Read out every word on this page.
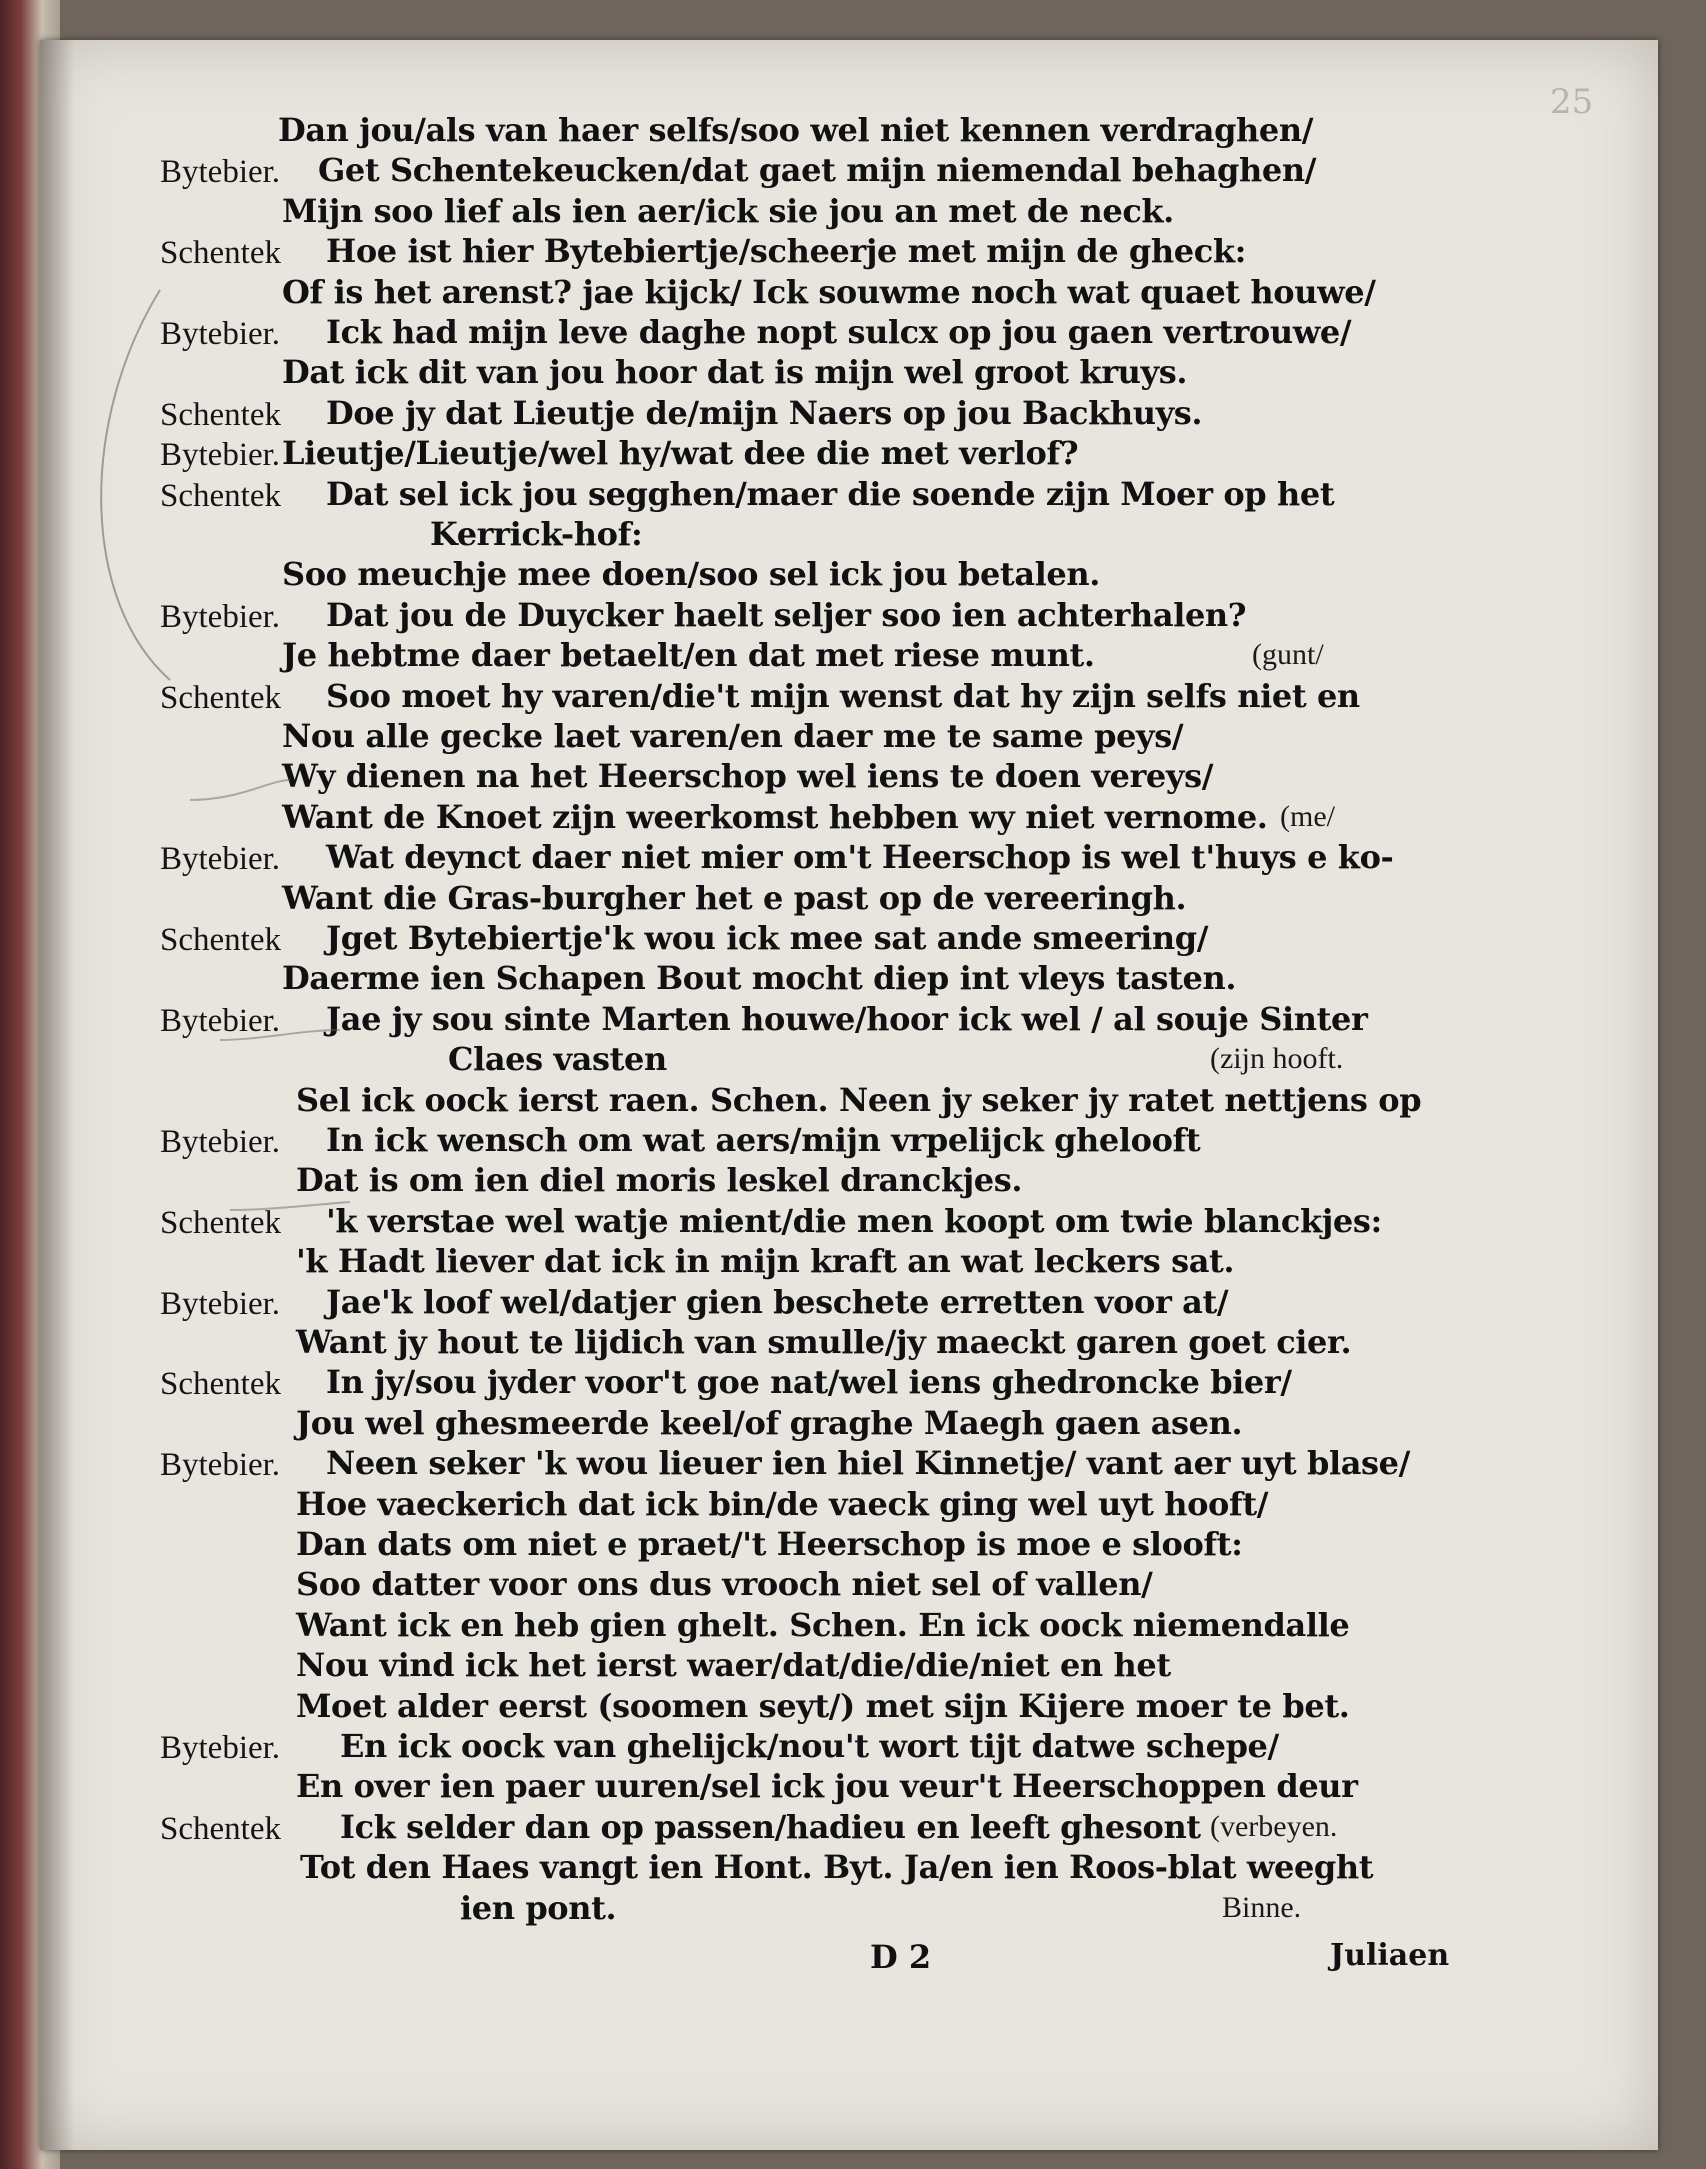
25
Dan jou/als van haer selfs/soo wel niet kennen verdraghen/
Bytebier. Get Schentekeucken/dat gaet mijn niemendal behaghen/
Mijn soo lief als ien aer/ick sie jou an met de neck.
Schentek Hoe ist hier Bytebiertje/scheerje met mijn de gheck:
Of is het arenst? jae kijck/ Ick souwme noch wat quaet houwe/
Bytebier. Ick had mijn leve daghe nopt sulcx op jou gaen vertrouwe/
Dat ick dit van jou hoor dat is mijn wel groot kruys.
Schentek Doe jy dat Lieutje de/mijn Naers op jou Backhuys.
Bytebier. Lieutje/Lieutje/wel hy/wat dee die met verlof?
Schentek Dat sel ick jou segghen/maer die soende zijn Moer op het
Kerrick-hof:
Soo meuchje mee doen/soo sel ick jou betalen.
Bytebier. Dat jou de Duycker haelt seljer soo ien achterhalen?
Je hebtme daer betaelt/en dat met riese munt.	(gunt/
Schentek Soo moet hy varen/die't mijn wenst dat hy zijn selfs niet en
Nou alle gecke laet varen/en daer me te same peys/
Wy dienen na het Heerschop wel iens te doen vereys/
Want de Knoet zijn weerkomst hebben wy niet vernome. (me/
Bytebier. Wat deynct daer niet mier om't Heerschop is wel t'huys e ko-
Want die Gras-burgher het e past op de vereeringh.
Schentek Jget Bytebiertje'k wou ick mee sat ande smeering/
Daerme ien Schapen Bout mocht diep int vleys tasten.
Bytebier. Jae jy sou sinte Marten houwe/hoor ick wel / al souje Sinter
Claes vasten	(zijn hooft.
Sel ick oock ierst raen. Schen. Neen jy seker jy ratet nettjens op
Bytebier. In ick wensch om wat aers/mijn vrpelijck ghelooft
Dat is om ien diel moris leskel dranckjes.
Schentek 'k verstae wel watje mient/die men koopt om twie blanckjes:
'k Hadt liever dat ick in mijn kraft an wat leckers sat.
Bytebier. Jae'k loof wel/datjer gien beschete erretten voor at/
Want jy hout te lijdich van smulle/jy maeckt garen goet cier.
Schentek In jy/sou jyder voor't goe nat/wel iens ghedroncke bier/
Jou wel ghesmeerde keel/of graghe Maegh gaen asen.
Bytebier. Neen seker 'k wou lieuer ien hiel Kinnetje/ vant aer uyt blase/
Hoe vaeckerich dat ick bin/de vaeck ging wel uyt hooft/
Dan dats om niet e praet/'t Heerschop is moe e slooft:
Soo datter voor ons dus vrooch niet sel of vallen/
Want ick en heb gien ghelt. Schen. En ick oock niemendalle
Nou vind ick het ierst waer/dat/die/die/niet en het
Moet alder eerst (soomen seyt/) met sijn Kijere moer te bet.
Bytebier. En ick oock van ghelijck/nou't wort tijt datwe schepe/
En over ien paer uuren/sel ick jou veur't Heerschoppen deur
Schentek Ick selder dan op passen/hadieu en leeft ghesont (verbeyen.
Tot den Haes vangt ien Hont. Byt. Ja/en ien Roos-blat weeght
ien pont.	Binne.
D 2	Juliaen
